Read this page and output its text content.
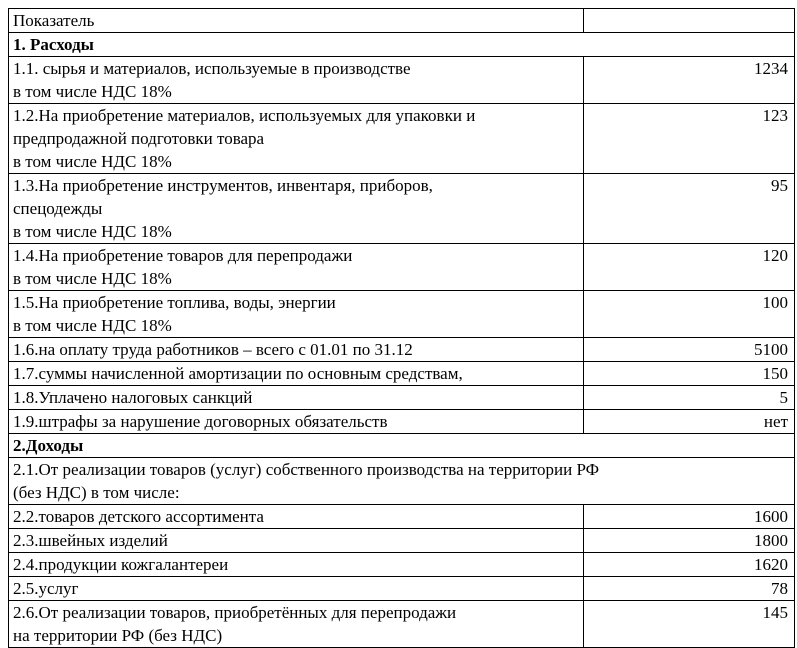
Показатель	
1. Расходы	

1.1. сырья и материалов, используемые в производстве
в том числе НДС 18%	1234

1.2.На приобретение материалов, используемых для упаковки и
предпродажной подготовки товара
в том числе НДС 18%	123

1.3.На приобретение инструментов, инвентаря, приборов,
спецодежды
в том числе НДС 18%	95

1.4.На приобретение товаров для перепродажи
в том числе НДС 18%	120

1.5.На приобретение топлива, воды, энергии
в том числе НДС 18%	100

1.6.на оплату труда работников – всего с 01.01 по 31.12	5100

1.7.суммы начисленной амортизации по основным средствам,	150

1.8.Уплачено налоговых санкций	5

1.9.штрафы за нарушение договорных обязательств	нет
2.Доходы	

2.1.От реализации товаров (услуг) собственного производства на территории РФ
(без НДС) в том числе:	

2.2.товаров детского ассортимента	1600

2.3.швейных изделий	1800

2.4.продукции кожгалантереи	1620

2.5.услуг	78

2.6.От реализации товаров, приобретённых для перепродажи
на территории РФ (без НДС)	145
